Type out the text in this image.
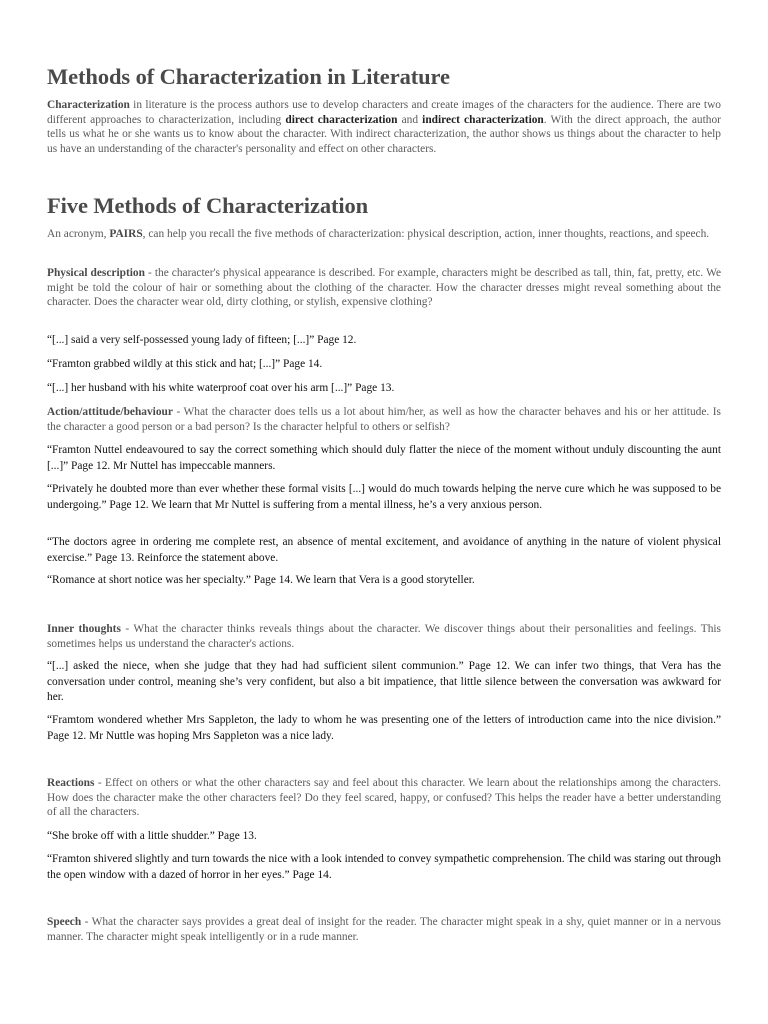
Methods of Characterization in Literature

Characterization in literature is the process authors use to develop characters and create images of the characters for the audience. There are two different approaches to characterization, including direct characterization and indirect characterization. With the direct approach, the author tells us what he or she wants us to know about the character. With indirect characterization, the author shows us things about the character to help us have an understanding of the character's personality and effect on other characters.

Five Methods of Characterization

An acronym, PAIRS, can help you recall the five methods of characterization: physical description, action, inner thoughts, reactions, and speech.

Physical description - the character's physical appearance is described. For example, characters might be described as tall, thin, fat, pretty, etc. We might be told the colour of hair or something about the clothing of the character. How the character dresses might reveal something about the character. Does the character wear old, dirty clothing, or stylish, expensive clothing?

“[...] said a very self-possessed young lady of fifteen; [...]” Page 12.

“Framton grabbed wildly at this stick and hat; [...]” Page 14.

“[...] her husband with his white waterproof coat over his arm [...]” Page 13.

Action/attitude/behaviour - What the character does tells us a lot about him/her, as well as how the character behaves and his or her attitude. Is the character a good person or a bad person? Is the character helpful to others or selfish?

“Framton Nuttel endeavoured to say the correct something which should duly flatter the niece of the moment without unduly discounting the aunt [...]” Page 12. Mr Nuttel has impeccable manners.

“Privately he doubted more than ever whether these formal visits [...] would do much towards helping the nerve cure which he was supposed to be undergoing.” Page 12. We learn that Mr Nuttel is suffering from a mental illness, he’s a very anxious person.

“The doctors agree in ordering me complete rest, an absence of mental excitement, and avoidance of anything in the nature of violent physical exercise.” Page 13. Reinforce the statement above.

“Romance at short notice was her specialty.” Page 14. We learn that Vera is a good storyteller.

Inner thoughts - What the character thinks reveals things about the character. We discover things about their personalities and feelings. This sometimes helps us understand the character's actions.

“[...] asked the niece, when she judge that they had had sufficient silent communion.” Page 12. We can infer two things, that Vera has the conversation under control, meaning she’s very confident, but also a bit impatience, that little silence between the conversation was awkward for her.

“Framtom wondered whether Mrs Sappleton, the lady to whom he was presenting one of the letters of introduction came into the nice division.” Page 12. Mr Nuttle was hoping Mrs Sappleton was a nice lady.

Reactions - Effect on others or what the other characters say and feel about this character. We learn about the relationships among the characters. How does the character make the other characters feel? Do they feel scared, happy, or confused? This helps the reader have a better understanding of all the characters.

“She broke off with a little shudder.” Page 13.

“Framton shivered slightly and turn towards the nice with a look intended to convey sympathetic comprehension. The child was staring out through the open window with a dazed of horror in her eyes.” Page 14.

Speech - What the character says provides a great deal of insight for the reader. The character might speak in a shy, quiet manner or in a nervous manner. The character might speak intelligently or in a rude manner.
